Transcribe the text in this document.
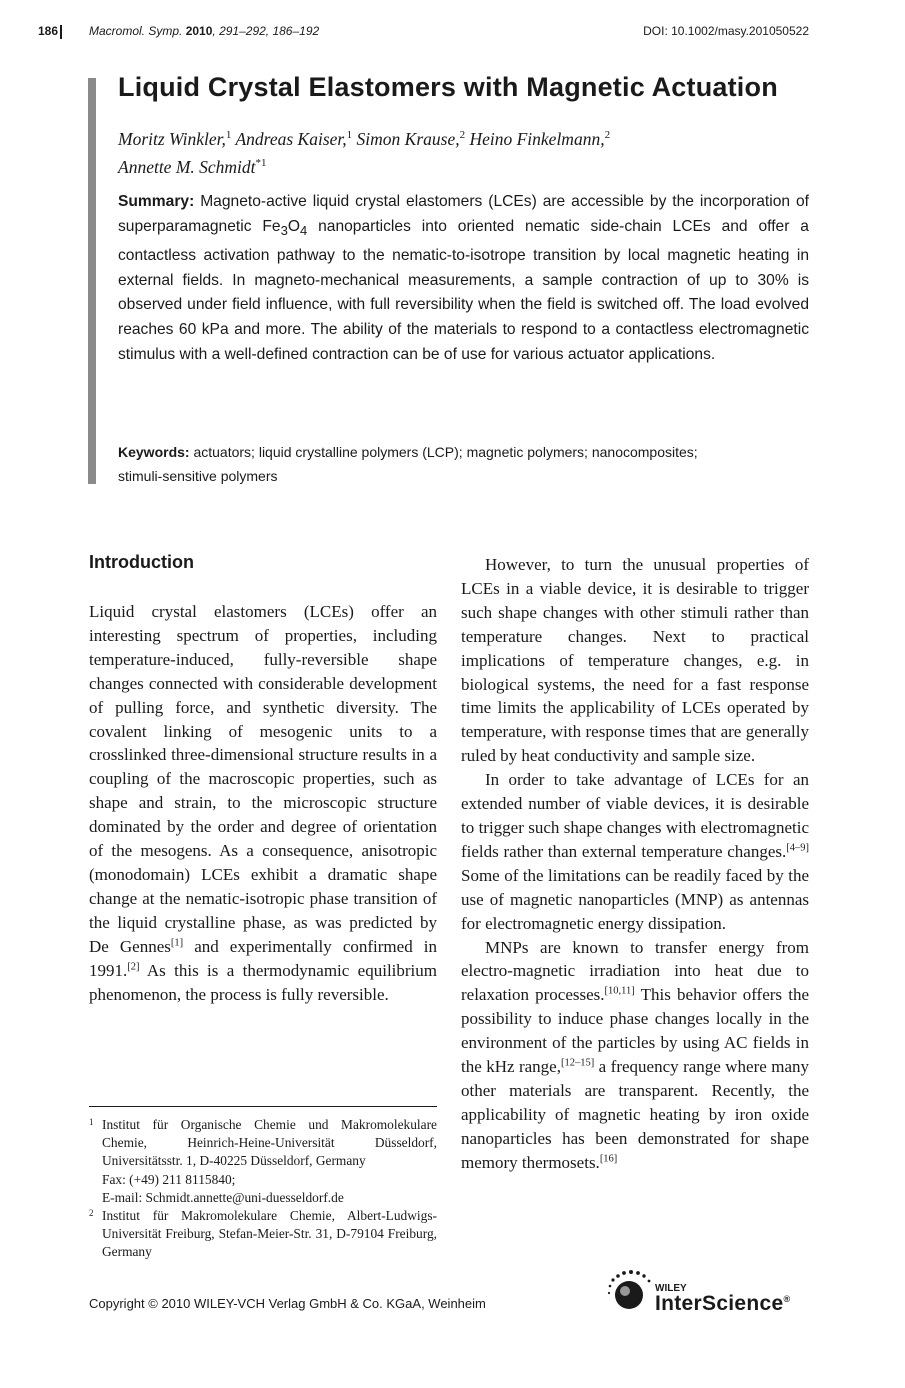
186	Macromol. Symp. 2010, 291–292, 186–192	DOI: 10.1002/masy.201050522
Liquid Crystal Elastomers with Magnetic Actuation
Moritz Winkler,$^1$ Andreas Kaiser,$^1$ Simon Krause,$^2$ Heino Finkelmann,$^2$
Annette M. Schmidt$^{*1}$
Summary: Magneto-active liquid crystal elastomers (LCEs) are accessible by the incorporation of superparamagnetic $Fe_3O_4$ nanoparticles into oriented nematic side-chain LCEs and offer a contactless activation pathway to the nematic-to-isotrope transition by local magnetic heating in external fields. In magneto-mechanical measurements, a sample contraction of up to 30% is observed under field influence, with full reversibility when the field is switched off. The load evolved reaches 60 kPa and more. The ability of the materials to respond to a contactless electromagnetic stimulus with a well-defined contraction can be of use for various actuator applications.
Keywords: actuators; liquid crystalline polymers (LCP); magnetic polymers; nanocomposites; stimuli-sensitive polymers
Introduction

Liquid crystal elastomers (LCEs) offer an interesting spectrum of properties, including temperature-induced, fully-reversible shape changes connected with considerable development of pulling force, and synthetic diversity. The covalent linking of mesogenic units to a crosslinked three-dimensional structure results in a coupling of the macroscopic properties, such as shape and strain, to the microscopic structure dominated by the order and degree of orientation of the mesogens. As a consequence, anisotropic (monodomain) LCEs exhibit a dramatic shape change at the nematic-isotropic phase transition of the liquid crystalline phase, as was predicted by De Gennes[1] and experimentally confirmed in 1991.[2] As this is a thermodynamic equilibrium phenomenon, the process is fully reversible.

However, to turn the unusual properties of LCEs in a viable device, it is desirable to trigger such shape changes with other stimuli rather than temperature changes. Next to practical implications of temperature changes, e.g. in biological systems, the need for a fast response time limits the applicability of LCEs operated by temperature, with response times that are generally ruled by heat conductivity and sample size.

In order to take advantage of LCEs for an extended number of viable devices, it is desirable to trigger such shape changes with electromagnetic fields rather than external temperature changes.[4–9] Some of the limitations can be readily faced by the use of magnetic nanoparticles (MNP) as antennas for electromagnetic energy dissipation.

MNPs are known to transfer energy from electro-magnetic irradiation into heat due to relaxation processes.[10,11] This behavior offers the possibility to induce phase changes locally in the environment of the particles by using AC fields in the kHz range,[12–15] a frequency range where many other materials are transparent. Recently, the applicability of magnetic heating by iron oxide nanoparticles has been demonstrated for shape memory thermosets.[16]

1 Institut für Organische Chemie und Makromolekulare Chemie, Heinrich-Heine-Universität Düsseldorf, Universitätsstr. 1, D-40225 Düsseldorf, Germany
Fax: (+49) 211 8115840;
E-mail: Schmidt.annette@uni-duesseldorf.de
2 Institut für Makromolekulare Chemie, Albert-Ludwigs-Universität Freiburg, Stefan-Meier-Str. 31, D-79104 Freiburg, Germany
Copyright © 2010 WILEY-VCH Verlag GmbH & Co. KGaA, Weinheim
WILEY
InterScience®
